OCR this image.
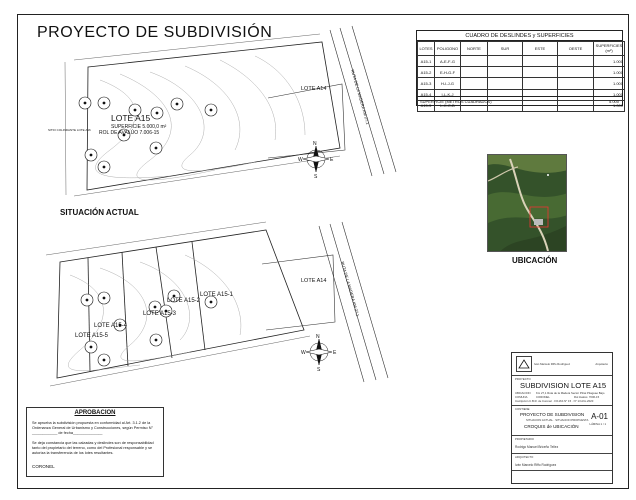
PROYECTO DE SUBDIVISIÓN
LOTE A15
SUPERFICIE 5.000,0 m²
ROL DE AVALÚO 7.006-15
LOTE A14
SITIO COLINDANTE LOTE A16
RUTA DE LA MADERA KM 27,1
LOTE A15-2
LOTE A15-1
LOTE A15-3
LOTE A15-4
LOTE A15-5
LOTE A14	RUTA DE LA MADERA KM 27,1
N
S
E
W
N
S
E
W
SITUACIÓN ACTUAL
CUADRO DE DESLINDES y SUPERFICIES
LOTES	POLIGONO	NORTE	SUR	ESTE	OESTE	SUPERFICIES (m²)
A15-1	A-E-F-G					1.000
A15-2	E-H-G-F					1.000
A15-3	H-I-J-G					1.000
A15-4	I-L-K-J					1.000
A15-5	L-K-C-B					1.000
SUPERFICIE (METROS CUADRADOS)	5.000
UBICACIÓN
APROBACION

Se aprueba la subdivisión propuesta en conformidad al Art. 3.1.2 de la Ordenanza General de Urbanismo y Construcciones, según Permiso N° ____________ de fecha______________

Se deja constancia que las calzadas y deslindes son de responsabilidad tanto del propietario del terreno, como del Profesional responsable y se autoriza la transferencia de los lotes resultantes.

CORONEL

Iván Marcelo Riffo Rodríguez	Arquitecto
PROYECTO
SUBDIVISION LOTE A15
UBICACION Km 27,1 Ruta de la Madera Sector Pitrai Pitaguao Bajo
COMUNA	CORONEL	Rol Avalúo: 7006-15
Inscripción C.B.R. de Coronel · FOJAS N° 15 · N° 13 Año 2020
CONTIENE
PROYECTO DE SUBDIVISION
SITUACION ACTUAL · SITUACION PROPUESTA
CROQUIS de UBICACIÓN
A-01
LÁMINA 1 / 1
PROPIETARIO
Rodrigo Manuel Briceño Tellez
ARQUITECTO
Iván Marcelo Riffo Rodríguez
